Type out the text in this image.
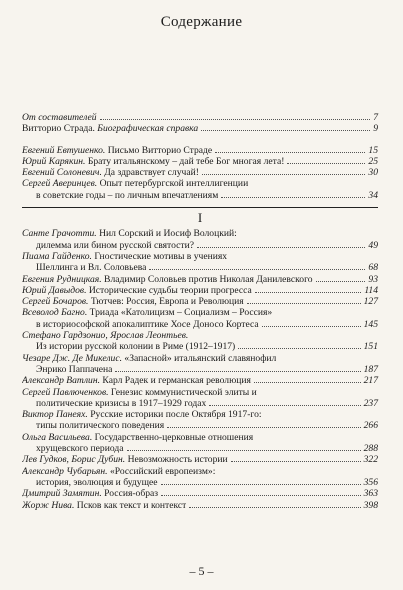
Содержание
От составителей	7
Витторио Страда. Биографическая справка	9
Евгений Евтушенко. Письмо Витторио Страде	15
Юрий Карякин. Брату итальянскому – дай тебе Бог многая лета!	25
Евгений Солоневич. Да здравствует случай!	30
Сергей Аверинцев. Опыт петербургской интеллигенции
в советские годы – по личным впечатлениям	34
I
Санте Грачотти. Нил Сорский и Иосиф Волоцкий:
дилемма или бином русской святости?	49
Пиама Гайденко. Гностические мотивы в учениях
Шеллинга и Вл. Соловьева	68
Евгения Рудницкая. Владимир Соловьев против Николая Данилевского	93
Юрий Давыдов. Исторические судьбы теории прогресса	114
Сергей Бочаров. Тютчев: Россия, Европа и Революция	127
Всеволод Багно. Триада «Католицизм – Социализм – Россия»
в историософской апокалиптике Хосе Доносо Кортеса	145
Стефано Гардзонио, Ярослав Леонтьев.
Из истории русской колонии в Риме (1912–1917)	151
Чезаре Дж. Де Микелис. «Запасной» итальянский славянофил
Энрико Паппачена	187
Александр Ватлин. Карл Радек и германская революция	217
Сергей Павлюченков. Генезис коммунистической элиты и
политические кризисы в 1917–1929 годах	237
Виктор Панеях. Русские историки после Октября 1917-го:
типы политического поведения	266
Ольга Васильева. Государственно-церковные отношения
хрущевского периода	288
Лев Гудков, Борис Дубин. Невозможность истории	322
Александр Чубарьян. «Российский европеизм»:
история, эволюция и будущее	356
Дмитрий Замятин. Россия-образ	363
Жорж Нива. Псков как текст и контекст	398
– 5 –
